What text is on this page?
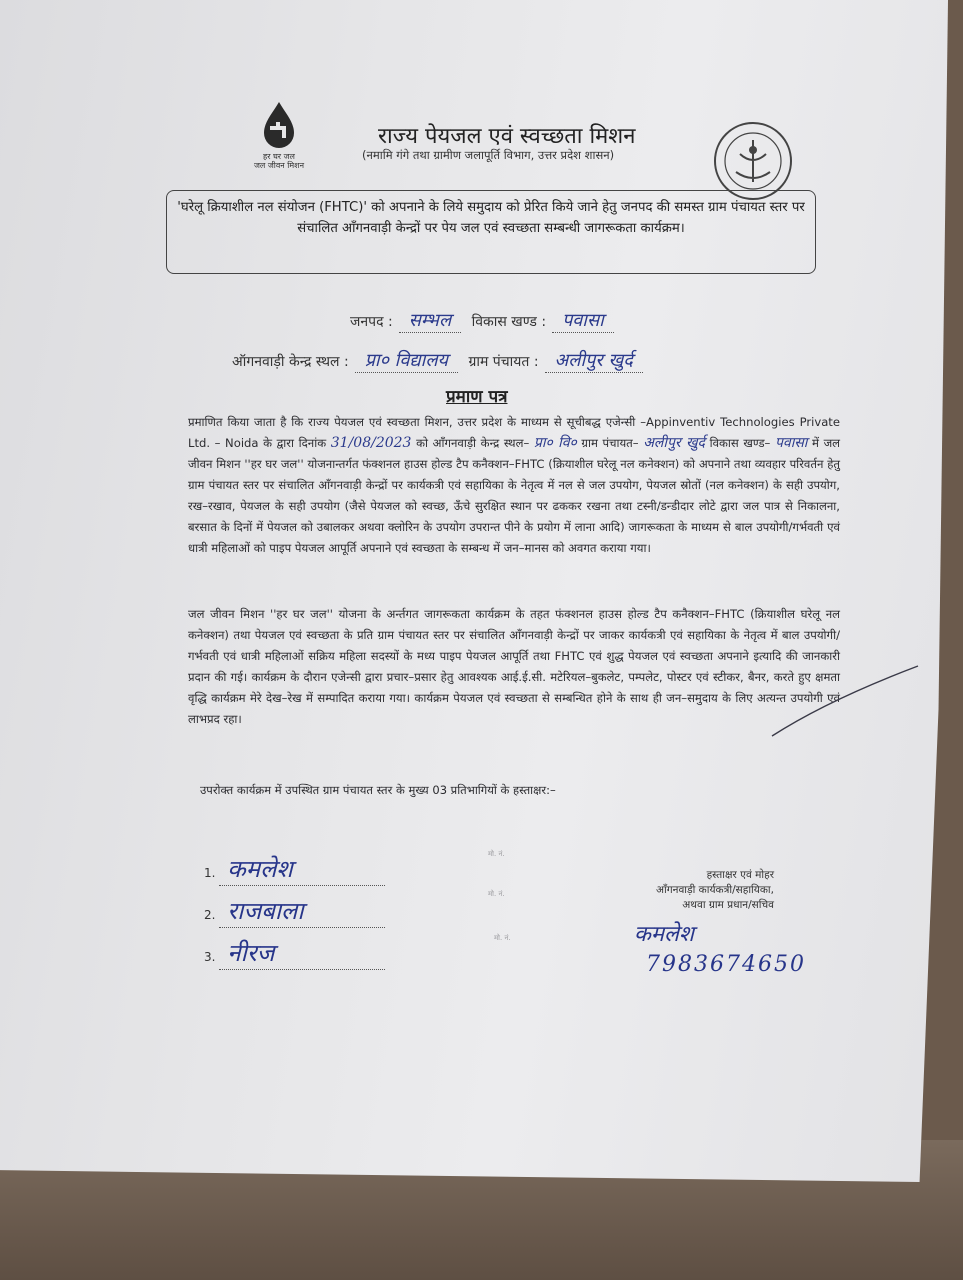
हर घर जल
जल जीवन मिशन
राज्य पेयजल एवं स्वच्छता मिशन
(नमामि गंगे तथा ग्रामीण जलापूर्ति विभाग, उत्तर प्रदेश शासन)
'घरेलू क्रियाशील नल संयोजन (FHTC)' को अपनाने के लिये समुदाय को प्रेरित किये जाने हेतु जनपद की समस्त ग्राम पंचायत स्तर पर संचालित आँगनवाड़ी केन्द्रों पर पेय जल एवं स्वच्छता सम्बन्धी जागरूकता कार्यक्रम।
जनपद : सम्भल विकास खण्ड : पवासा
ऑगनवाड़ी केन्द्र स्थल : प्रा० विद्यालय ग्राम पंचायत : अलीपुर खुर्द
प्रमाण पत्र
प्रमाणित किया जाता है कि राज्य पेयजल एवं स्वच्छता मिशन, उत्तर प्रदेश के माध्यम से सूचीबद्ध एजेन्सी –Appinventiv Technologies Private Ltd. – Noida के द्वारा दिनांक 31/08/2023 को आँगनवाड़ी केन्द्र स्थल– प्रा० वि० ग्राम पंचायत– अलीपुर खुर्द विकास खण्ड– पवासा में जल जीवन मिशन ''हर घर जल'' योजनान्तर्गत फंक्शनल हाउस होल्ड टैप कनैक्शन–FHTC (क्रियाशील घरेलू नल कनेक्शन) को अपनाने तथा व्यवहार परिवर्तन हेतु ग्राम पंचायत स्तर पर संचालित आँगनवाड़ी केन्द्रों पर कार्यकत्री एवं सहायिका के नेतृत्व में नल से जल उपयोग, पेयजल स्रोतों (नल कनेक्शन) के सही उपयोग, रख–रखाव, पेयजल के सही उपयोग (जैसे पेयजल को स्वच्छ, ऊँचे सुरक्षित स्थान पर ढककर रखना तथा टस्नी/डन्डीदार लोटे द्वारा जल पात्र से निकालना, बरसात के दिनों में पेयजल को उबालकर अथवा क्लोरिन के उपयोग उपरान्त पीने के प्रयोग में लाना आदि) जागरूकता के माध्यम से बाल उपयोगी/गर्भवती एवं धात्री महिलाओं को पाइप पेयजल आपूर्ति अपनाने एवं स्वच्छता के सम्बन्ध में जन–मानस को अवगत कराया गया।
जल जीवन मिशन ''हर घर जल'' योजना के अर्न्तगत जागरूकता कार्यक्रम के तहत फंक्शनल हाउस होल्ड टैप कनैक्शन–FHTC (क्रियाशील घरेलू नल कनेक्शन) तथा पेयजल एवं स्वच्छता के प्रति ग्राम पंचायत स्तर पर संचालित आँगनवाड़ी केन्द्रों पर जाकर कार्यकत्री एवं सहायिका के नेतृत्व में बाल उपयोगी/गर्भवती एवं धात्री महिलाओं सक्रिय महिला सदस्यों के मध्य पाइप पेयजल आपूर्ति तथा FHTC एवं शुद्ध पेयजल एवं स्वच्छता अपनाने इत्यादि की जानकारी प्रदान की गई। कार्यक्रम के दौरान एजेन्सी द्वारा प्रचार–प्रसार हेतु आवश्यक आई.ई.सी. मटेरियल–बुकलेट, पम्पलेट, पोस्टर एवं स्टीकर, बैनर, करते हुए क्षमता वृद्धि कार्यक्रम मेरे देख–रेख में सम्पादित कराया गया। कार्यक्रम पेयजल एवं स्वच्छता से सम्बन्धित होने के साथ ही जन–समुदाय के लिए अत्यन्त उपयोगी एवं लाभप्रद रहा।
उपरोक्त कार्यक्रम में उपस्थित ग्राम पंचायत स्तर के मुख्य 03 प्रतिभागियों के हस्ताक्षर:–
1. कमलेश
2. राजबाला
3. नीरज
मो. नं.
मो. नं.
मो. नं.
हस्ताक्षर एवं मोहर
आँगनवाड़ी कार्यकत्री/सहायिका,
अथवा ग्राम प्रधान/सचिव
कमलेश
7983674650
